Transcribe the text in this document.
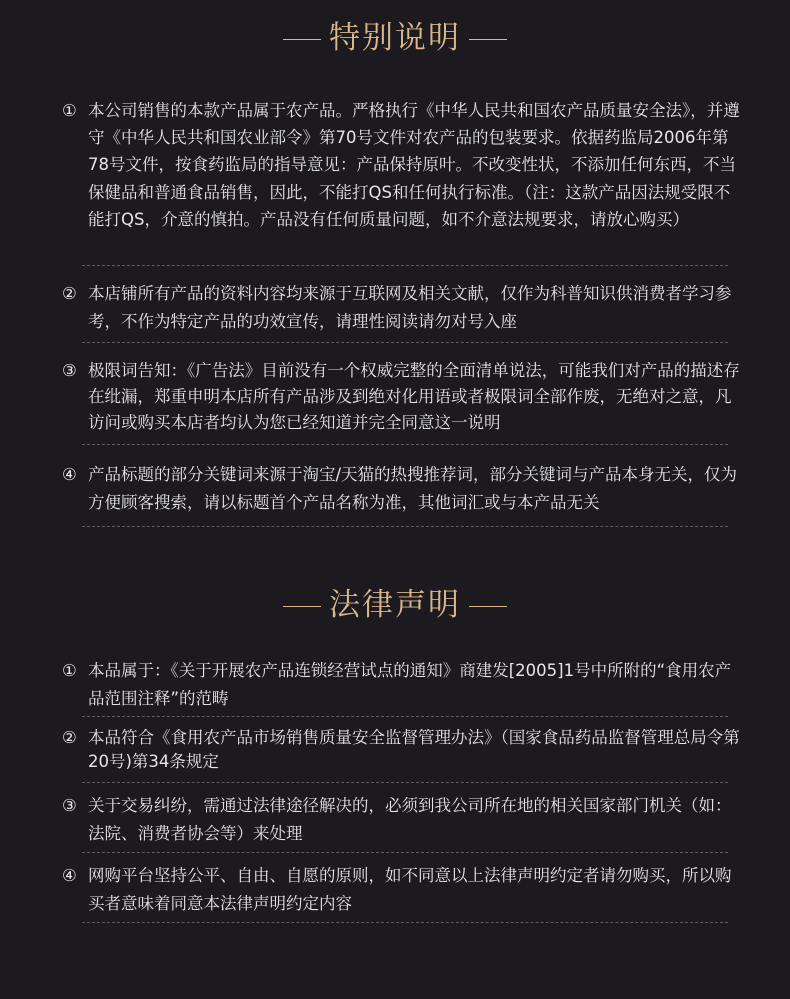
特别说明
① 本公司销售的本款产品属于农产品。严格执行《中华人民共和国农产品质量安全法》，并遵守《中华人民共和国农业部令》第70号文件对农产品的包装要求。依据药监局2006年第78号文件，按食药监局的指导意见：产品保持原叶。不改变性状，不添加任何东西，不当保健品和普通食品销售，因此，不能打QS和任何执行标准。（注：这款产品因法规受限不能打QS，介意的慎拍。产品没有任何质量问题，如不介意法规要求，请放心购买）
② 本店铺所有产品的资料内容均来源于互联网及相关文献，仅作为科普知识供消费者学习参考，不作为特定产品的功效宣传，请理性阅读请勿对号入座
③ 极限词告知：《广告法》目前没有一个权威完整的全面清单说法，可能我们对产品的描述存在纰漏，郑重申明本店所有产品涉及到绝对化用语或者极限词全部作废，无绝对之意，凡访问或购买本店者均认为您已经知道并完全同意这一说明
④ 产品标题的部分关键词来源于淘宝/天猫的热搜推荐词，部分关键词与产品本身无关，仅为方便顾客搜索，请以标题首个产品名称为准，其他词汇或与本产品无关
法律声明
① 本品属于：《关于开展农产品连锁经营试点的通知》商建发[2005]1号中所附的“食用农产品范围注释”的范畴
② 本品符合《食用农产品市场销售质量安全监督管理办法》（国家食品药品监督管理总局令第20号)第34条规定
③ 关于交易纠纷，需通过法律途径解决的，必须到我公司所在地的相关国家部门机关（如：法院、消费者协会等）来处理
④ 网购平台坚持公平、自由、自愿的原则，如不同意以上法律声明约定者请勿购买，所以购买者意味着同意本法律声明约定内容
